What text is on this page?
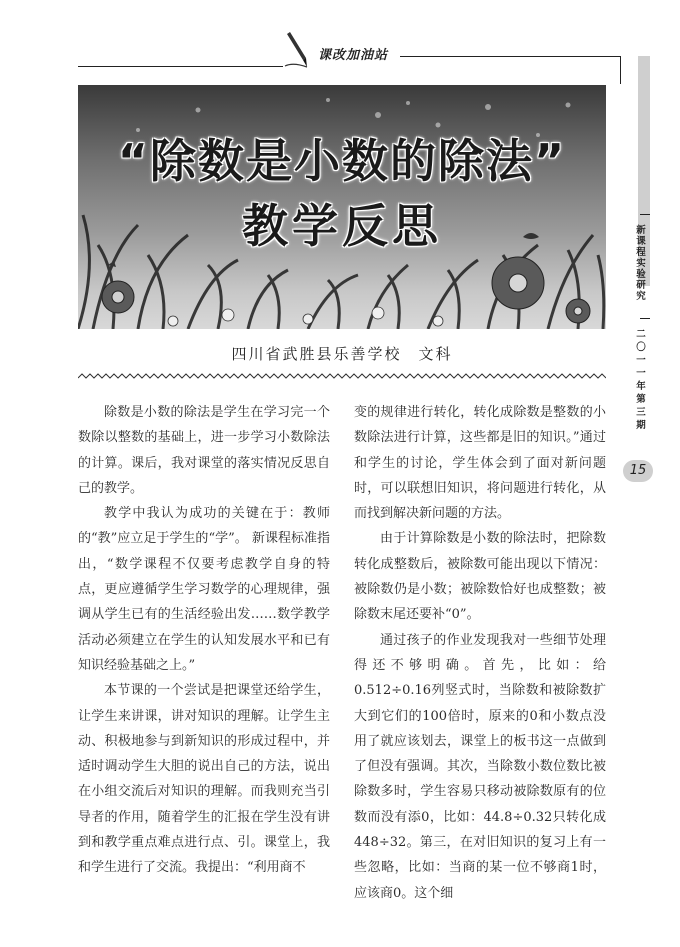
课改加油站
“除数是小数的除法”
教学反思
四川省武胜县乐善学校　文科
新课程实验研究
二〇一一年第三期
15

除数是小数的除法是学生在学习完一个数除以整数的基础上，进一步学习小数除法的计算。课后，我对课堂的落实情况反思自己的教学。

教学中我认为成功的关键在于：教师的“教”应立足于学生的“学”。 新课程标准指出，“数学课程不仅要考虑教学自身的特点，更应遵循学生学习数学的心理规律，强调从学生已有的生活经验出发……数学教学活动必须建立在学生的认知发展水平和已有知识经验基础之上。”

本节课的一个尝试是把课堂还给学生，让学生来讲课，讲对知识的理解。让学生主动、积极地参与到新知识的形成过程中，并适时调动学生大胆的说出自己的方法，说出在小组交流后对知识的理解。而我则充当引导者的作用，随着学生的汇报在学生没有讲到和教学重点难点进行点、引。课堂上，我和学生进行了交流。我提出：“利用商不

变的规律进行转化，转化成除数是整数的小数除法进行计算，这些都是旧的知识。”通过和学生的讨论，学生体会到了面对新问题时，可以联想旧知识，将问题进行转化，从而找到解决新问题的方法。

由于计算除数是小数的除法时，把除数转化成整数后，被除数可能出现以下情况：被除数仍是小数；被除数恰好也成整数；被除数末尾还要补“0”。

通过孩子的作业发现我对一些细节处理得还不够明确。首先，比如：给0.512÷0.16列竖式时，当除数和被除数扩大到它们的100倍时，原来的0和小数点没用了就应该划去，课堂上的板书这一点做到了但没有强调。其次，当除数小数位数比被除数多时，学生容易只移动被除数原有的位数而没有添0，比如：44.8÷0.32只转化成448÷32。第三，在对旧知识的复习上有一些忽略，比如：当商的某一位不够商1时，应该商0。这个细
